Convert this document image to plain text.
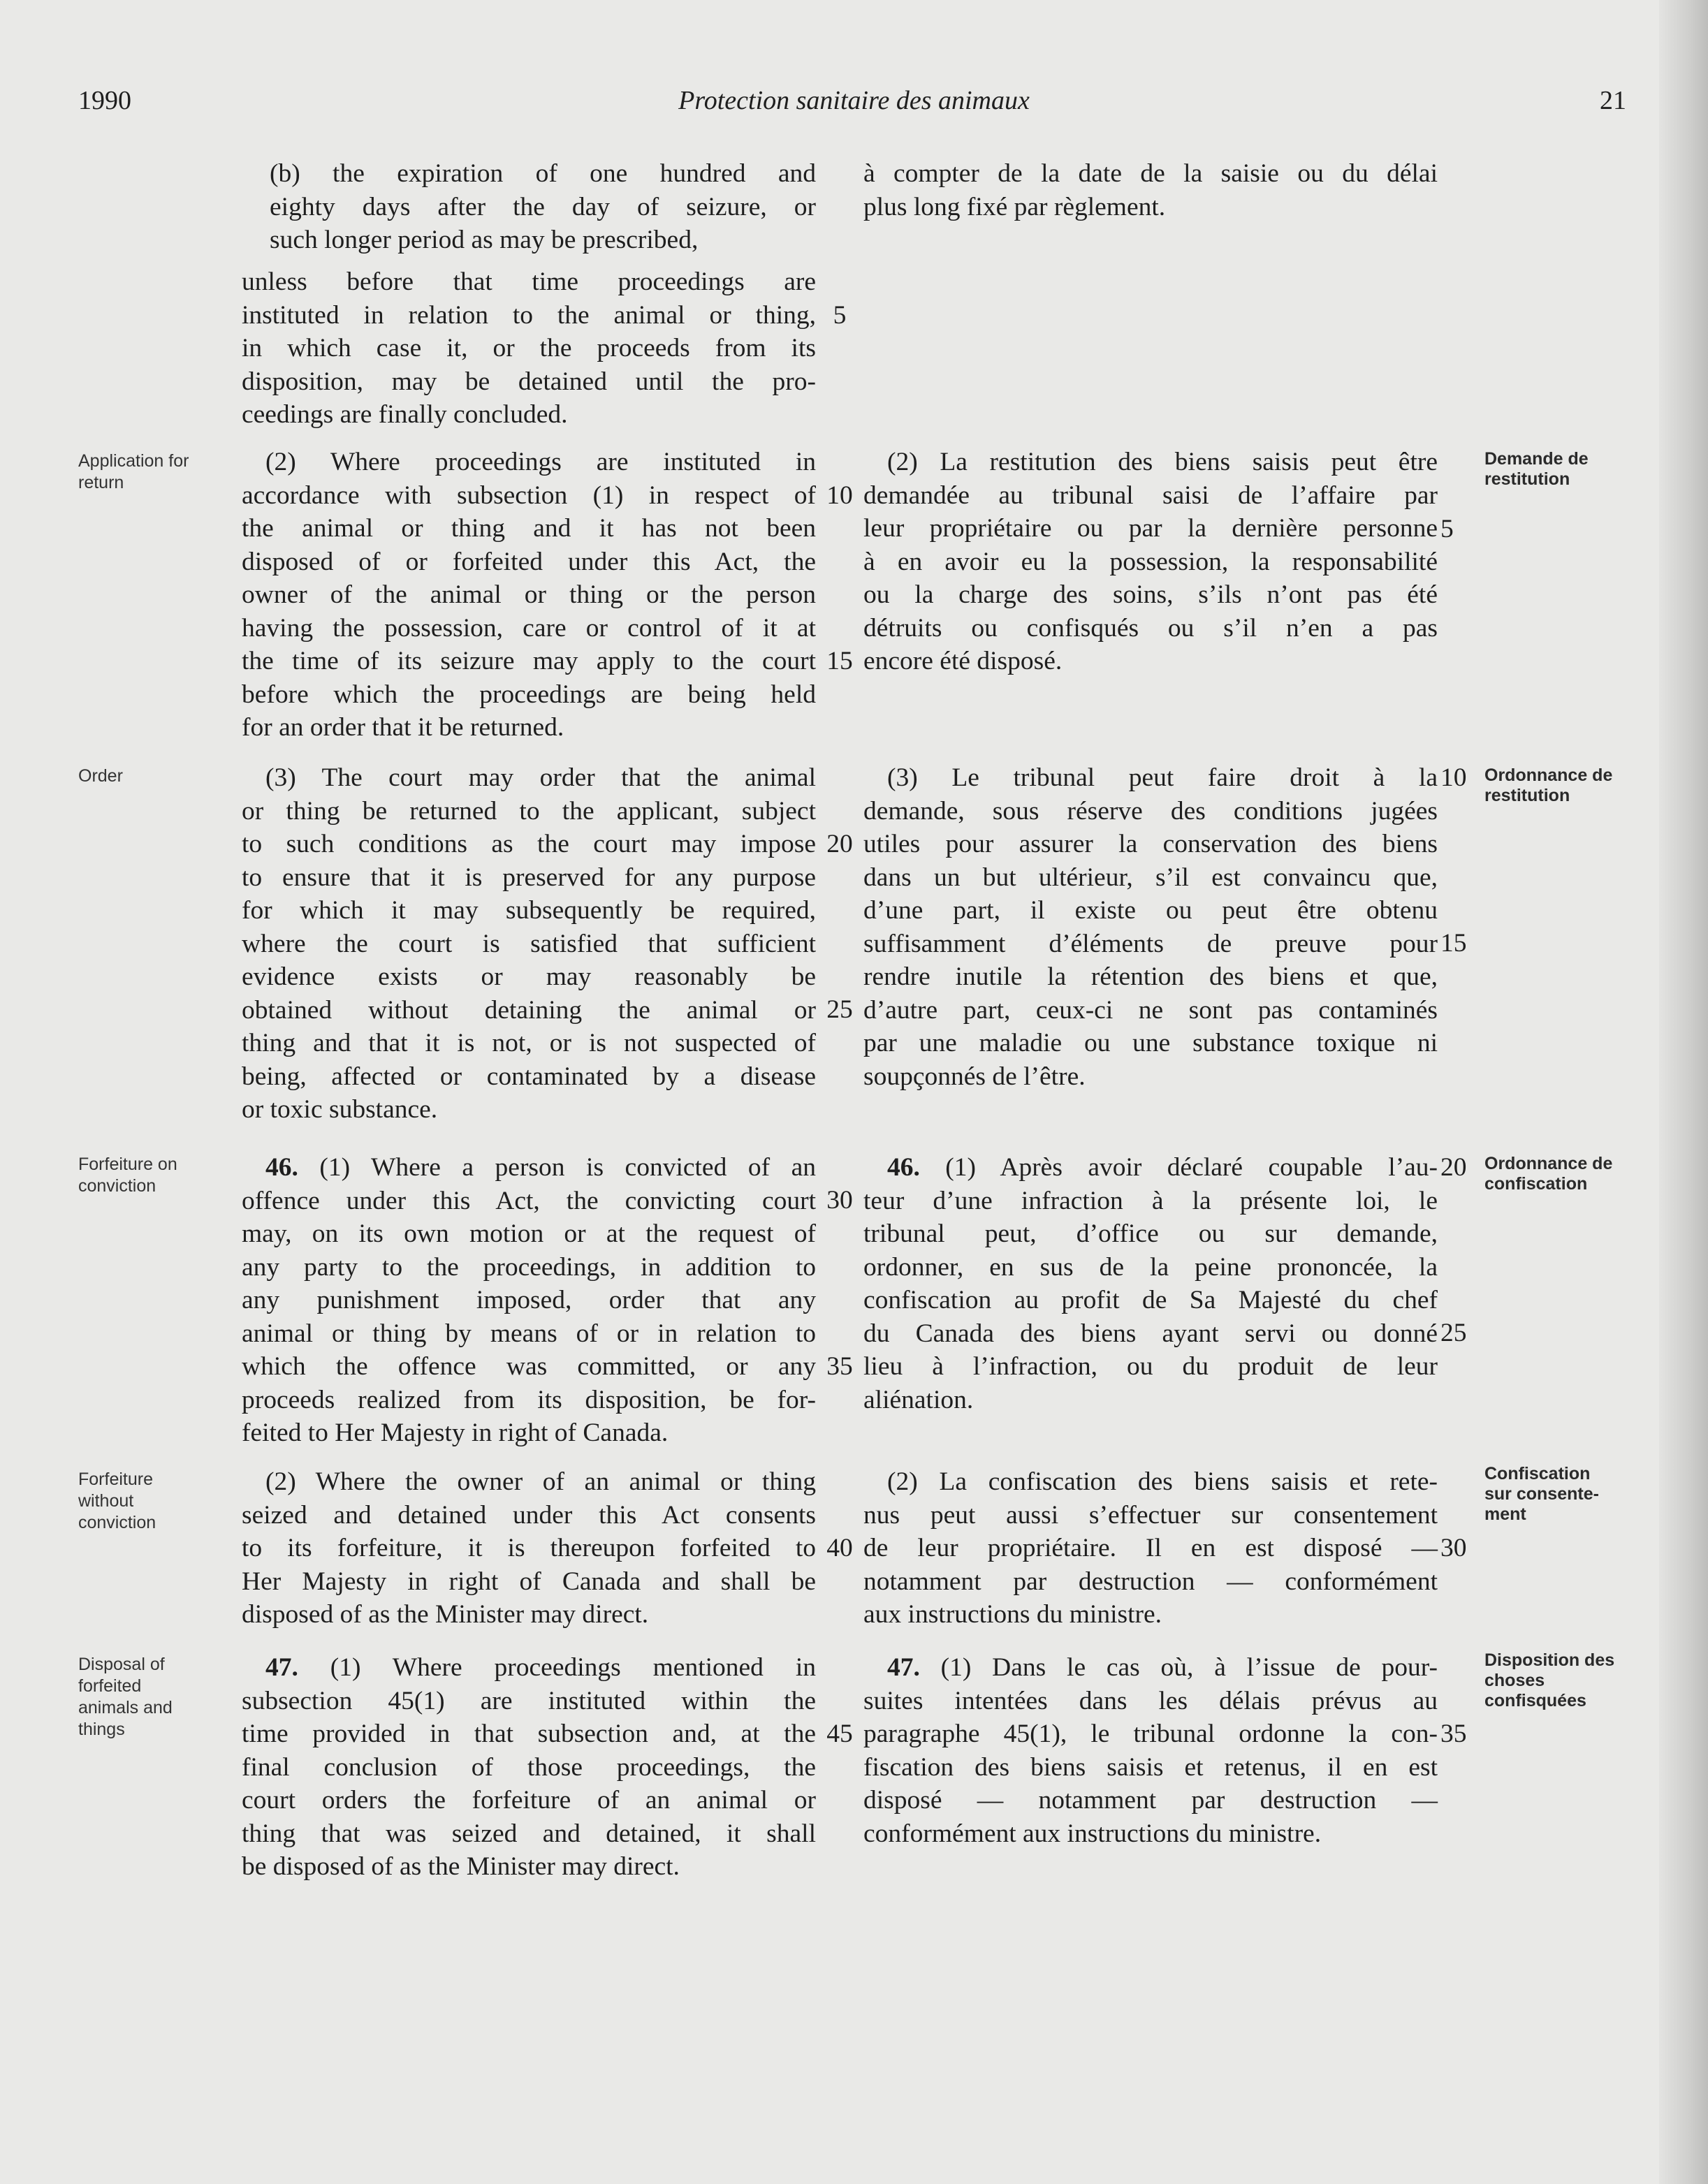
1990	Protection sanitaire des animaux	21

(b) the expiration of one hundred and
eighty days after the day of seizure, or
such longer period as may be prescribed,

unless before that time proceedings are
instituted in relation to the animal or thing,
in which case it, or the proceeds from its
disposition, may be detained until the pro-
ceedings are finally concluded.

(2) Where proceedings are instituted in
accordance with subsection (1) in respect of
the animal or thing and it has not been
disposed of or forfeited under this Act, the
owner of the animal or thing or the person
having the possession, care or control of it at
the time of its seizure may apply to the court
before which the proceedings are being held
for an order that it be returned.

(3) The court may order that the animal
or thing be returned to the applicant, subject
to such conditions as the court may impose
to ensure that it is preserved for any purpose
for which it may subsequently be required,
where the court is satisfied that sufficient
evidence exists or may reasonably be
obtained without detaining the animal or
thing and that it is not, or is not suspected of
being, affected or contaminated by a disease
or toxic substance.

46. (1) Where a person is convicted of an
offence under this Act, the convicting court
may, on its own motion or at the request of
any party to the proceedings, in addition to
any punishment imposed, order that any
animal or thing by means of or in relation to
which the offence was committed, or any
proceeds realized from its disposition, be for-
feited to Her Majesty in right of Canada.

(2) Where the owner of an animal or thing
seized and detained under this Act consents
to its forfeiture, it is thereupon forfeited to
Her Majesty in right of Canada and shall be
disposed of as the Minister may direct.

47. (1) Where proceedings mentioned in
subsection 45(1) are instituted within the
time provided in that subsection and, at the
final conclusion of those proceedings, the
court orders the forfeiture of an animal or
thing that was seized and detained, it shall
be disposed of as the Minister may direct.

à compter de la date de la saisie ou du délai
plus long fixé par règlement.

(2) La restitution des biens saisis peut être
demandée au tribunal saisi de l’affaire par
leur propriétaire ou par la dernière personne
à en avoir eu la possession, la responsabilité
ou la charge des soins, s’ils n’ont pas été
détruits ou confisqués ou s’il n’en a pas
encore été disposé.

(3) Le tribunal peut faire droit à la
demande, sous réserve des conditions jugées
utiles pour assurer la conservation des biens
dans un but ultérieur, s’il est convaincu que,
d’une part, il existe ou peut être obtenu
suffisamment d’éléments de preuve pour
rendre inutile la rétention des biens et que,
d’autre part, ceux-ci ne sont pas contaminés
par une maladie ou une substance toxique ni
soupçonnés de l’être.

46. (1) Après avoir déclaré coupable l’au-
teur d’une infraction à la présente loi, le
tribunal peut, d’office ou sur demande,
ordonner, en sus de la peine prononcée, la
confiscation au profit de Sa Majesté du chef
du Canada des biens ayant servi ou donné
lieu à l’infraction, ou du produit de leur
aliénation.

(2) La confiscation des biens saisis et rete-
nus peut aussi s’effectuer sur consentement
de leur propriétaire. Il en est disposé —
notamment par destruction — conformément
aux instructions du ministre.

47. (1) Dans le cas où, à l’issue de pour-
suites intentées dans les délais prévus au
paragraphe 45(1), le tribunal ordonne la con-
fiscation des biens saisis et retenus, il en est
disposé — notamment par destruction —
conformément aux instructions du ministre.

Application for return
Order
Forfeiture on conviction
Forfeiture without conviction
Disposal of forfeited animals and things
Demande de restitution
Ordonnance de restitution
Ordonnance de confiscation
Confiscation sur consente- ment
Disposition des choses confisquées
5
10
15
20
25
30
35
40
45
5
10
15
20
25
30
35
